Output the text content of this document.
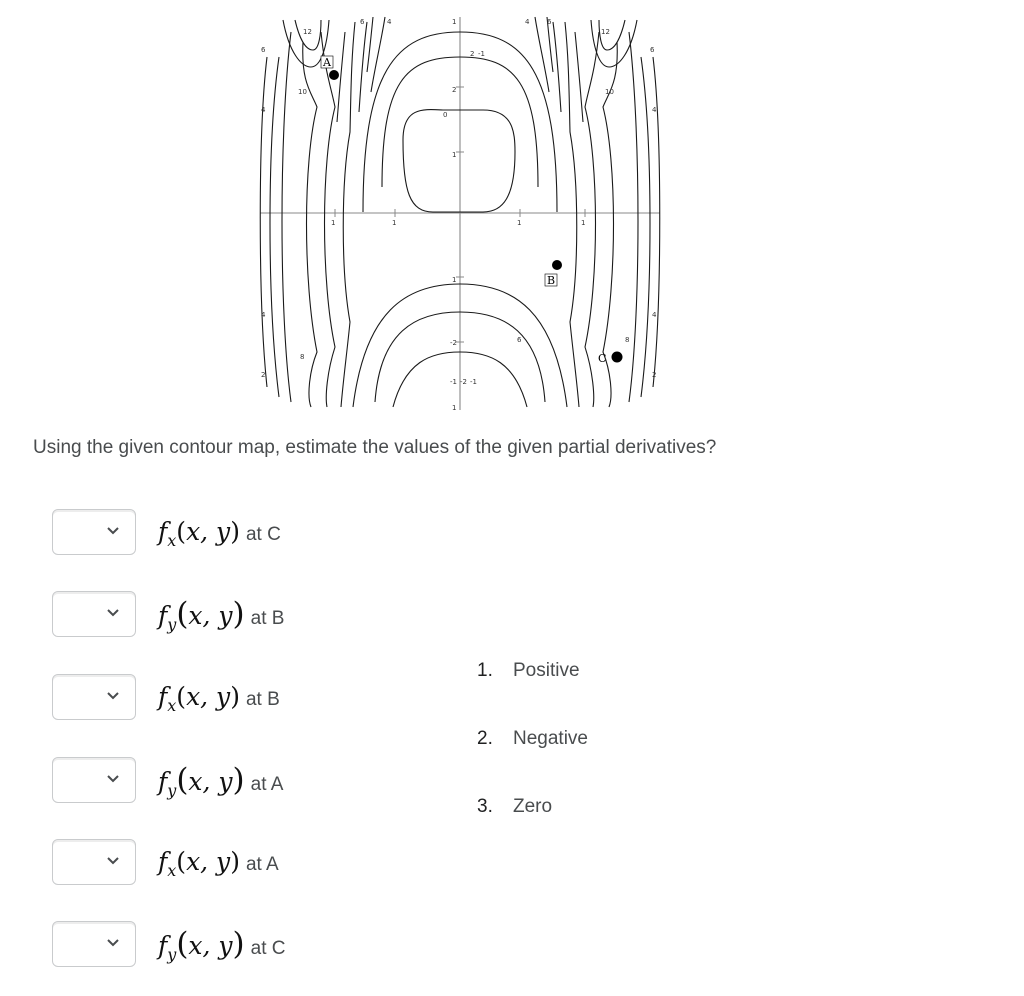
12	12
10	10
6	4	4	6
2
0
-2
2
1
1	1
1
1
1
1	1
-1 -1
-1
6
4
4
4
4
2	2
8
8
6
6
-2
A
B
C
Using the given contour map, estimate the values of the given partial derivatives?
$f_x(x$, y) at C
$f_y(x$, y) at B
$f_x(x$, y) at B
$f_y(x$, y) at A
$f_x(x$, y) at A
$f_y(x$, y) at C
1. Positive
2. Negative
3. Zero
